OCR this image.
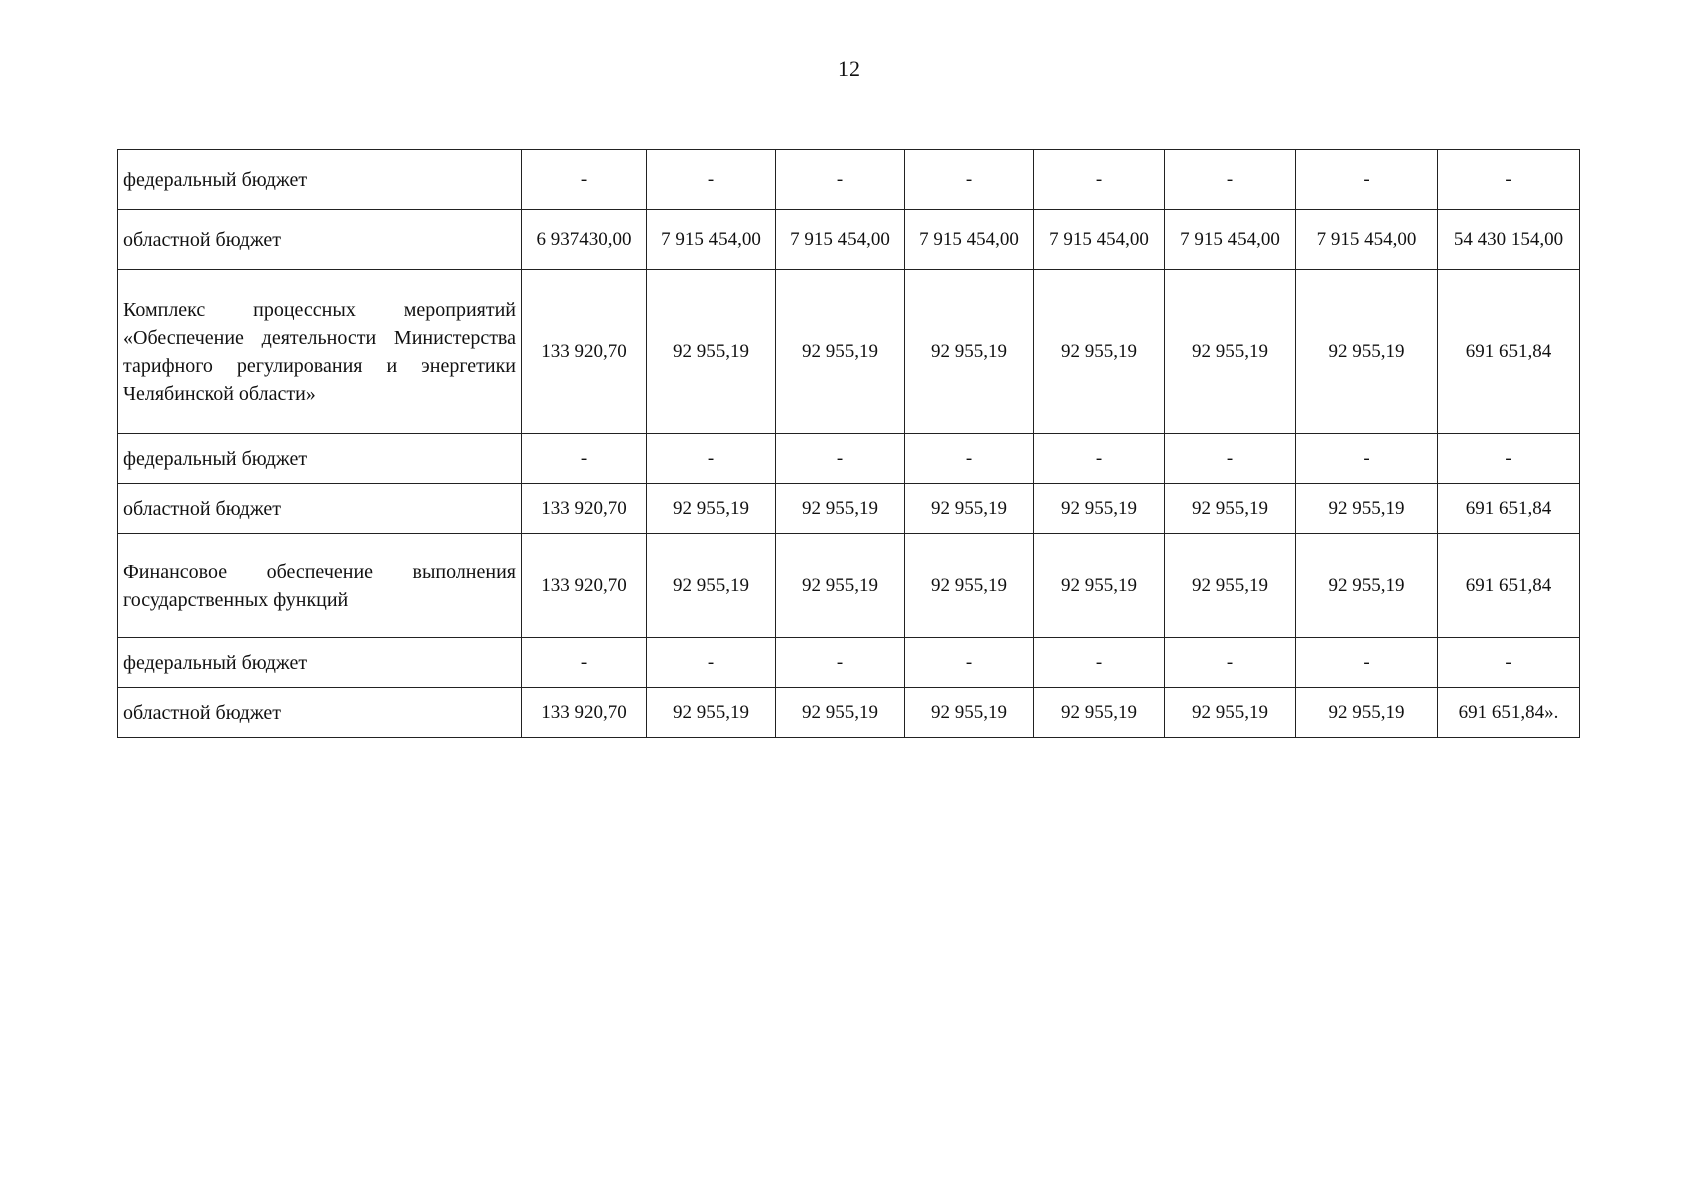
12
федеральный бюджет	-	-	-	-	-	-	-	-
областной бюджет	6 937430,00	7 915 454,00	7 915 454,00	7 915 454,00	7 915 454,00	7 915 454,00	7 915 454,00	54 430 154,00
Комплекс процессных мероприятий «Обеспечение деятельности Министерства тарифного регулирования и энергетики Челябинской области»	133 920,70	92 955,19	92 955,19	92 955,19	92 955,19	92 955,19	92 955,19	691 651,84
федеральный бюджет	-	-	-	-	-	-	-	-
областной бюджет	133 920,70	92 955,19	92 955,19	92 955,19	92 955,19	92 955,19	92 955,19	691 651,84
Финансовое обеспечение выполнения государственных функций	133 920,70	92 955,19	92 955,19	92 955,19	92 955,19	92 955,19	92 955,19	691 651,84
федеральный бюджет	-	-	-	-	-	-	-	-
областной бюджет	133 920,70	92 955,19	92 955,19	92 955,19	92 955,19	92 955,19	92 955,19	691 651,84».
